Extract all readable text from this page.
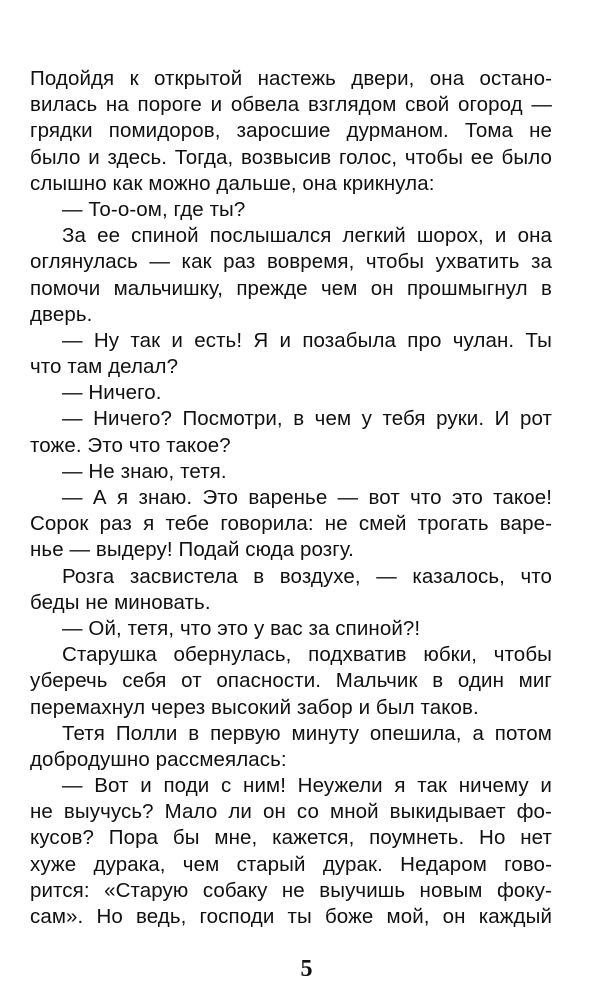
Подойдя к открытой настежь двери, она остано-
вилась на пороге и обвела взглядом свой огород —
грядки помидоров, заросшие дурманом. Тома не
было и здесь. Тогда, возвысив голос, чтобы ее было
слышно как можно дальше, она крикнула:
— То-о-ом, где ты?
За ее спиной послышался легкий шорох, и она
оглянулась — как раз вовремя, чтобы ухватить за
помочи мальчишку, прежде чем он прошмыгнул в
дверь.
— Ну так и есть! Я и позабыла про чулан. Ты
что там делал?
— Ничего.
— Ничего? Посмотри, в чем у тебя руки. И рот
тоже. Это что такое?
— Не знаю, тетя.
— А я знаю. Это варенье — вот что это такое!
Сорок раз я тебе говорила: не смей трогать варе-
нье — выдеру! Подай сюда розгу.
Розга засвистела в воздухе, — казалось, что
беды не миновать.
— Ой, тетя, что это у вас за спиной?!
Старушка обернулась, подхватив юбки, чтобы
уберечь себя от опасности. Мальчик в один миг
перемахнул через высокий забор и был таков.
Тетя Полли в первую минуту опешила, а потом
добродушно рассмеялась:
— Вот и поди с ним! Неужели я так ничему и
не выучусь? Мало ли он со мной выкидывает фо-
кусов? Пора бы мне, кажется, поумнеть. Но нет
хуже дурака, чем старый дурак. Недаром гово-
рится: «Старую собаку не выучишь новым фоку-
сам». Но ведь, господи ты боже мой, он каждый
5
